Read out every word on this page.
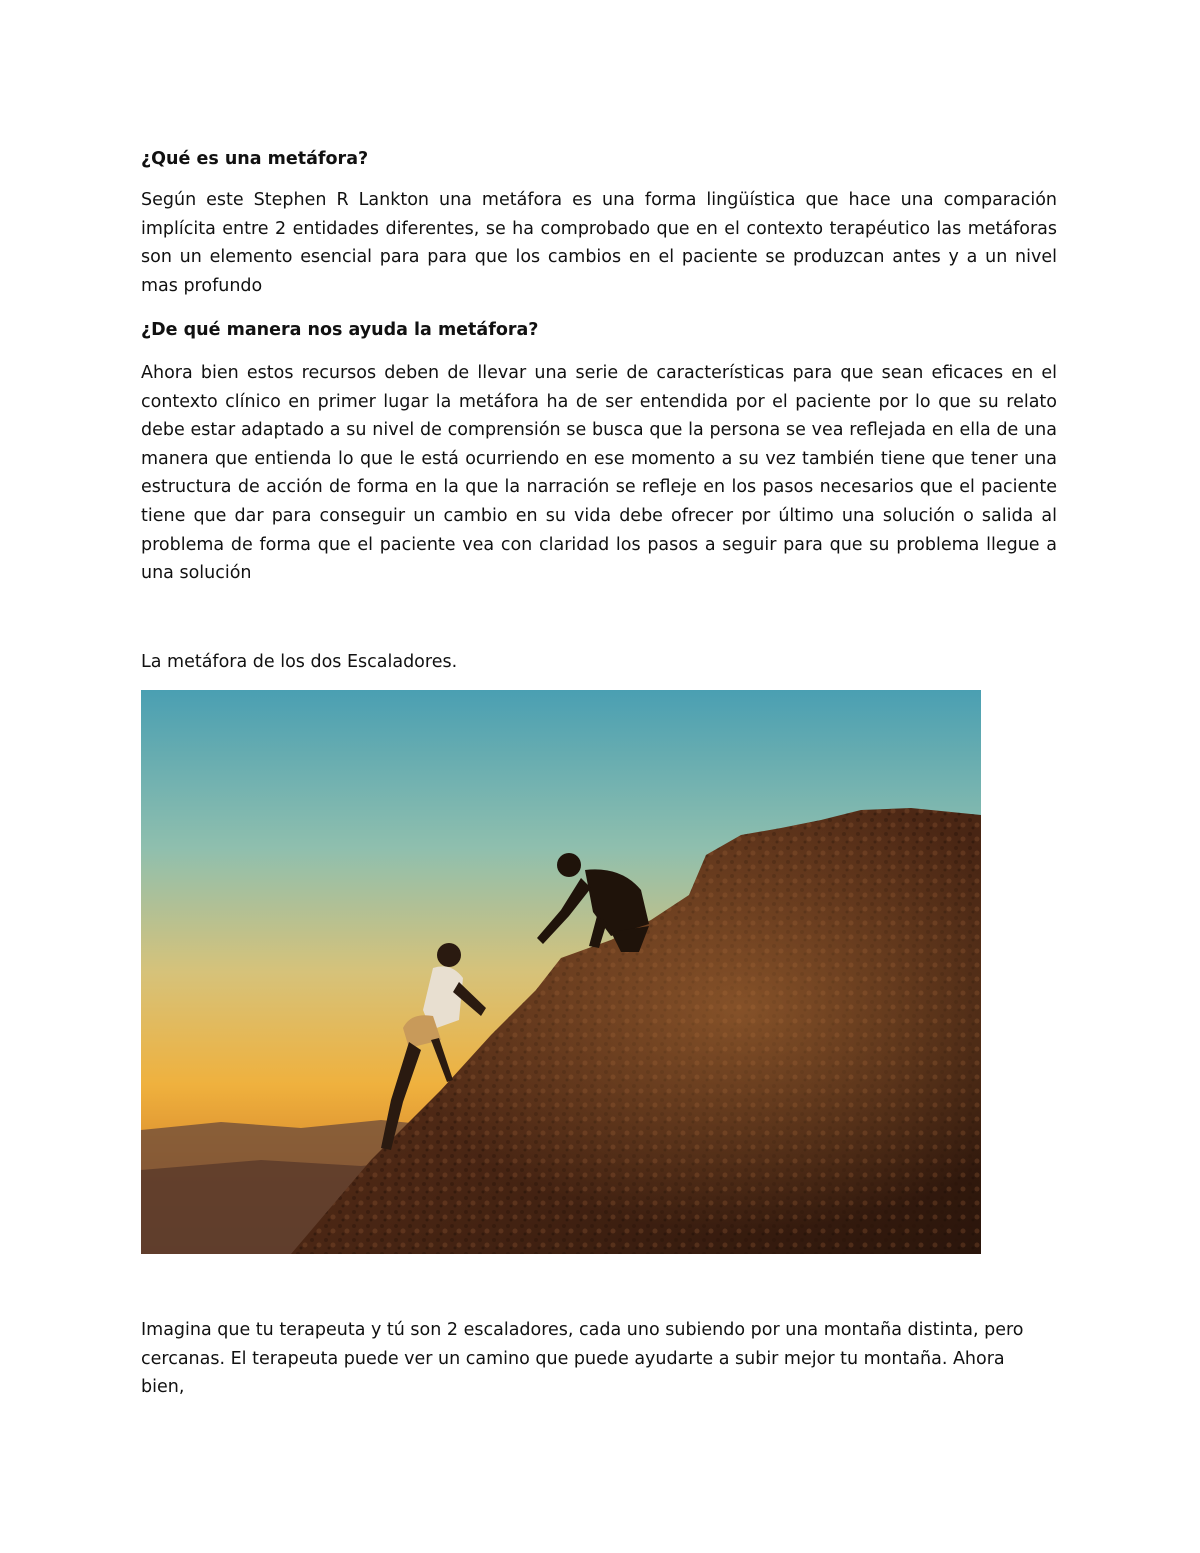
¿Qué es una metáfora?

Según este Stephen R Lankton una metáfora es una forma lingüística que hace una comparación implícita entre 2 entidades diferentes, se ha comprobado que en el contexto terapéutico las metáforas son un elemento esencial para para que los cambios en el paciente se produzcan antes y a un nivel mas profundo

¿De qué manera nos ayuda la metáfora?

Ahora bien estos recursos deben de llevar una serie de características para que sean eficaces en el contexto clínico en primer lugar la metáfora ha de ser entendida por el paciente por lo que su relato debe estar adaptado a su nivel de comprensión se busca que la persona se vea reflejada en ella de una manera que entienda lo que le está ocurriendo en ese momento a su vez también tiene que tener una estructura de acción de forma en la que la narración se refleje en los pasos necesarios que el paciente tiene que dar para conseguir un cambio en su vida debe ofrecer por último una solución o salida al problema de forma que el paciente vea con claridad los pasos a seguir para que su problema llegue a una solución

La metáfora de los dos Escaladores.

Imagina que tu terapeuta y tú son 2 escaladores, cada uno subiendo por una montaña distinta, pero cercanas. El terapeuta puede ver un camino que puede ayudarte a subir mejor tu montaña. Ahora bien,
